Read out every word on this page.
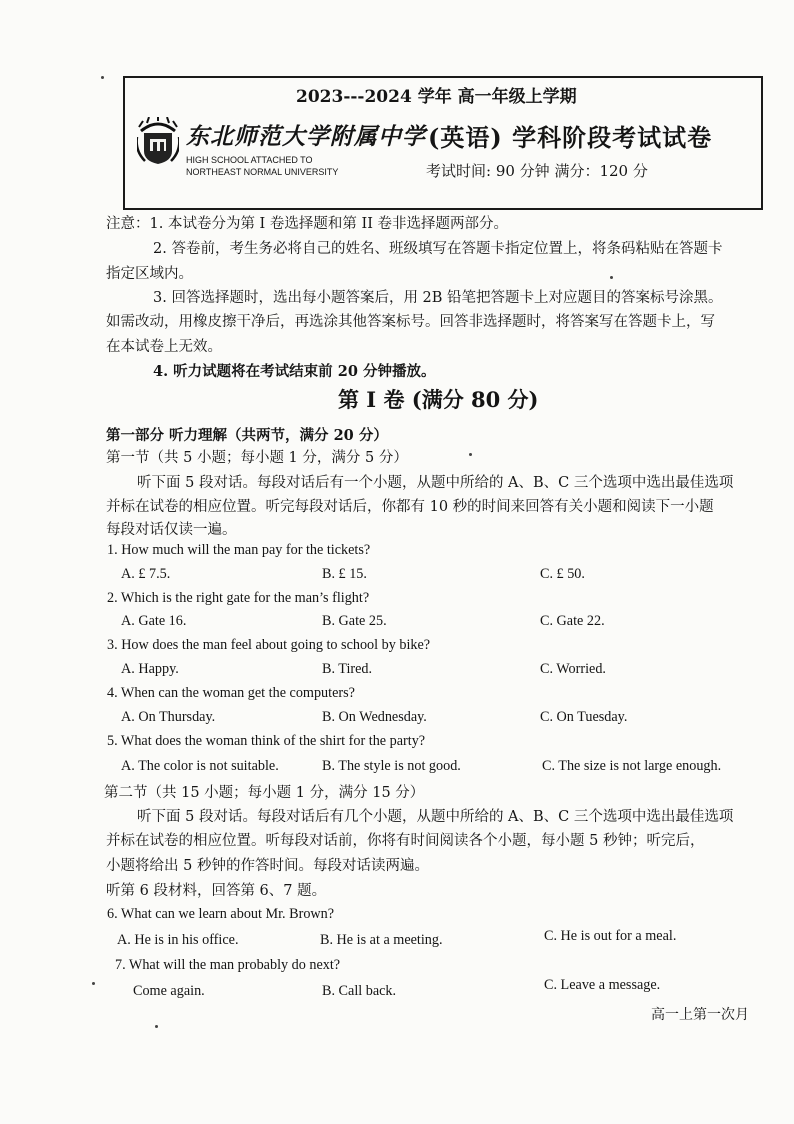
2023---2024 学年 高一年级上学期
东北师范大学附属中学
HIGH SCHOOL ATTACHED TO
NORTHEAST NORMAL UNIVERSITY
(英语) 学科阶段考试试卷
考试时间: 90 分钟 满分：120 分
注意：1. 本试卷分为第 I 卷选择题和第 II 卷非选择题两部分。
2. 答卷前，考生务必将自己的姓名、班级填写在答题卡指定位置上，将条码粘贴在答题卡
指定区域内。
3. 回答选择题时，选出每小题答案后，用 2B 铅笔把答题卡上对应题目的答案标号涂黑。
如需改动，用橡皮擦干净后，再选涂其他答案标号。回答非选择题时，将答案写在答题卡上，写
在本试卷上无效。
4. 听力试题将在考试结束前 20 分钟播放。
第 I 卷 (满分 80 分)
第一部分 听力理解（共两节，满分 20 分）
第一节（共 5 小题；每小题 1 分，满分 5 分）
听下面 5 段对话。每段对话后有一个小题，从题中所给的 A、B、C 三个选项中选出最佳选项
并标在试卷的相应位置。听完每段对话后，你都有 10 秒的时间来回答有关小题和阅读下一小题
每段对话仅读一遍。
1. How much will the man pay for the tickets?
A. £ 7.5.	B. £ 15.	C. £ 50.
2. Which is the right gate for the man’s flight?
A. Gate 16.	B. Gate 25.	C. Gate 22.
3. How does the man feel about going to school by bike?
A. Happy.	B. Tired.	C. Worried.
4. When can the woman get the computers?
A. On Thursday.	B. On Wednesday.	C. On Tuesday.
5. What does the woman think of the shirt for the party?
A. The color is not suitable.	B. The style is not good.	C. The size is not large enough.
第二节（共 15 小题；每小题 1 分，满分 15 分）
听下面 5 段对话。每段对话后有几个小题，从题中所给的 A、B、C 三个选项中选出最佳选项
并标在试卷的相应位置。听每段对话前，你将有时间阅读各个小题，每小题 5 秒钟；听完后，
小题将给出 5 秒钟的作答时间。每段对话读两遍。
听第 6 段材料，回答第 6、7 题。
6. What can we learn about Mr. Brown?
A. He is in his office.	B. He is at a meeting.	C. He is out for a meal.
7. What will the man probably do next?
Come again.	B. Call back.	C. Leave a message.
高一上第一次月
